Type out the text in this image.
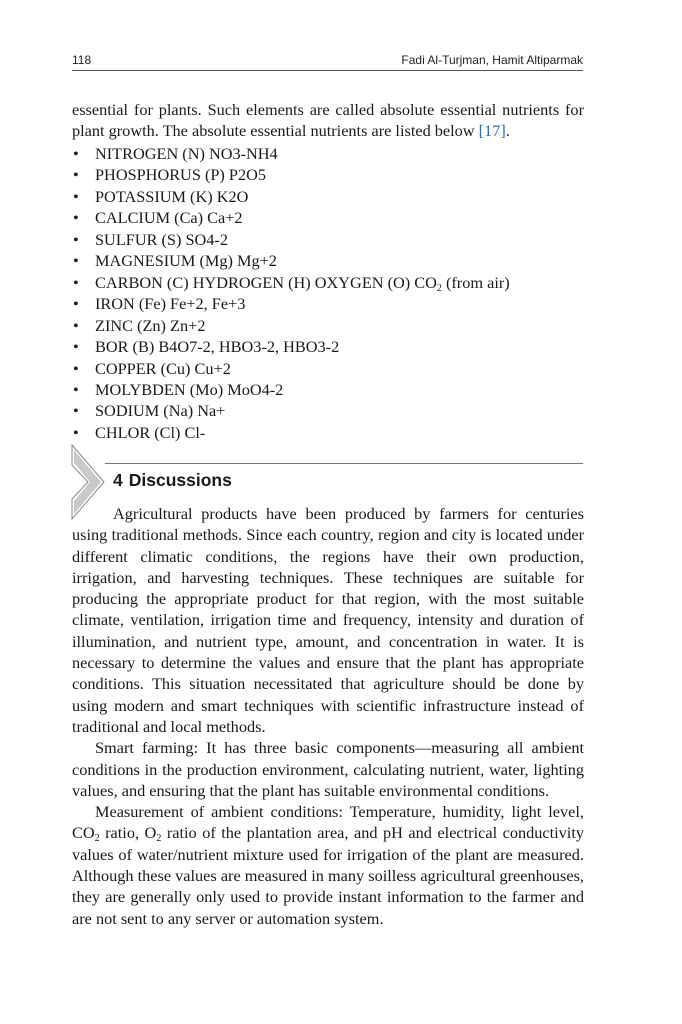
118	Fadi Al-Turjman, Hamit Altiparmak

essential for plants. Such elements are called absolute essential nutrients for plant growth. The absolute essential nutrients are listed below [17].

• NITROGEN (N) NO3-NH4
• PHOSPHORUS (P) P2O5
• POTASSIUM (K) K2O
• CALCIUM (Ca) Ca+2
• SULFUR (S) SO4-2
• MAGNESIUM (Mg) Mg+2
• CARBON (C) HYDROGEN (H) OXYGEN (O) $CO_2$ (from air)
• IRON (Fe) Fe+2, Fe+3
• ZINC (Zn) Zn+2
• BOR (B) B4O7-2, HBO3-2, HBO3-2
• COPPER (Cu) Cu+2
• MOLYBDEN (Mo) MoO4-2
• SODIUM (Na) Na+
• CHLOR (Cl) Cl-
4 Discussions

Agricultural products have been produced by farmers for centuries using traditional methods. Since each country, region and city is located under different climatic conditions, the regions have their own production, irrigation, and harvesting techniques. These techniques are suitable for producing the appropriate product for that region, with the most suitable climate, ventilation, irrigation time and frequency, intensity and duration of illumination, and nutrient type, amount, and concentration in water. It is necessary to determine the values and ensure that the plant has appropriate conditions. This situation necessitated that agriculture should be done by using modern and smart techniques with scientific infrastructure instead of traditional and local methods.

Smart farming: It has three basic components—measuring all ambient conditions in the production environment, calculating nutrient, water, lighting values, and ensuring that the plant has suitable environmental conditions.

Measurement of ambient conditions: Temperature, humidity, light level, $CO_2$ ratio, $O_2$ ratio of the plantation area, and pH and electrical conductivity values of water/nutrient mixture used for irrigation of the plant are measured. Although these values are measured in many soilless agricultural greenhouses, they are generally only used to provide instant information to the farmer and are not sent to any server or automation system.
